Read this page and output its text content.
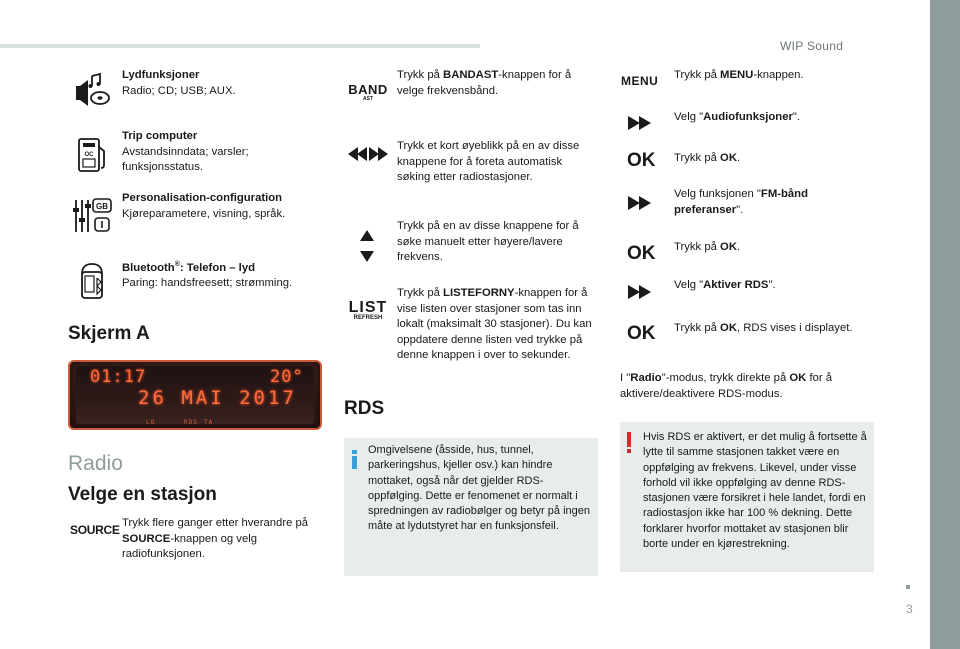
WIP Sound
3
Lydfunksjoner
Radio; CD; USB; AUX.
OC
Trip computer
Avstandsinndata; varsler; funksjonsstatus.
GB
Personalisation-configuration
Kjøreparametere, visning, språk.
Bluetooth®: Telefon – lyd
Paring: handsfreesett; strømming.
Skjerm A
01:17	20°
26 MAI 2017
LO	RDS TA
Radio
Velge en stasjon
SOURCE Trykk flere ganger etter hverandre på SOURCE-knappen og velg radiofunksjonen.
BAND
AST
Trykk på BANDAST-knappen for å velge frekvensbånd.
Trykk et kort øyeblikk på en av disse knappene for å foreta automatisk søking etter radiostasjoner.
Trykk på en av disse knappene for å søke manuelt etter høyere/lavere frekvens.
LIST
REFRESH
Trykk på LISTEFORNY-knappen for å vise listen over stasjoner som tas inn lokalt (maksimalt 30 stasjoner). Du kan oppdatere denne listen ved trykke på denne knappen i over to sekunder.
RDS
Omgivelsene (åsside, hus, tunnel, parkeringshus, kjeller osv.) kan hindre mottaket, også når det gjelder RDS-oppfølging. Dette er fenomenet er normalt i spredningen av radiobølger og betyr på ingen måte at lydutstyret har en funksjonsfeil.
MENU Trykk på MENU-knappen.
Velg "Audiofunksjoner".
OK Trykk på OK.
Velg funksjonen "FM-bånd preferanser".
OK Trykk på OK.
Velg "Aktiver RDS".
OK Trykk på OK, RDS vises i displayet.
I "Radio"-modus, trykk direkte på OK for å aktivere/deaktivere RDS-modus.
Hvis RDS er aktivert, er det mulig å fortsette å lytte til samme stasjonen takket være en oppfølging av frekvens. Likevel, under visse forhold vil ikke oppfølging av denne RDS-stasjonen være forsikret i hele landet, fordi en radiostasjon ikke har 100 % dekning. Dette forklarer hvorfor mottaket av stasjonen blir borte under en kjørestrekning.
